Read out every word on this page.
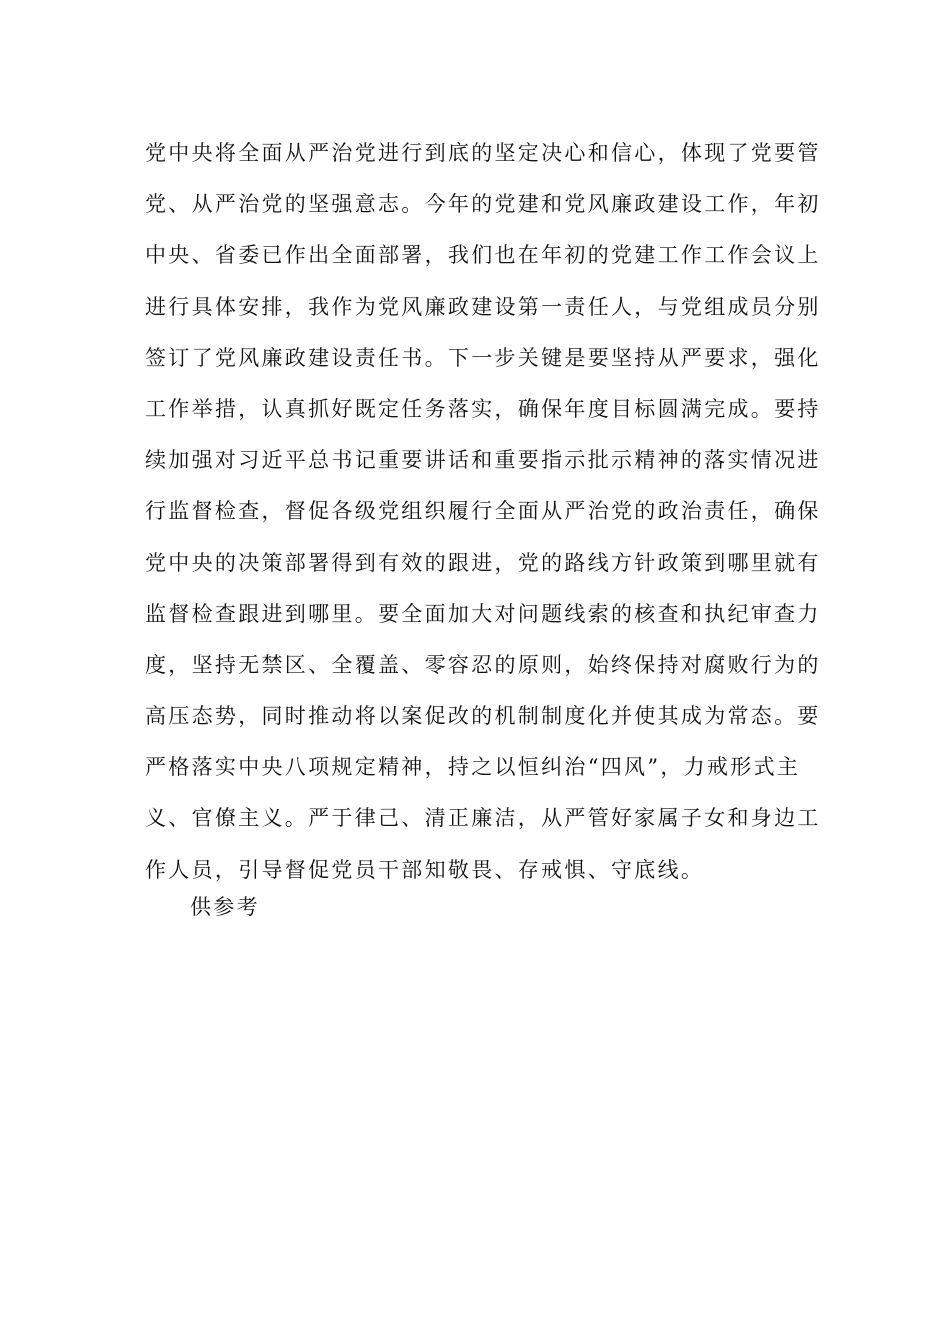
党中央将全面从严治党进行到底的坚定决心和信心，体现了党要管
党、从严治党的坚强意志。今年的党建和党风廉政建设工作，年初
中央、省委已作出全面部署，我们也在年初的党建工作工作会议上
进行具体安排，我作为党风廉政建设第一责任人，与党组成员分别
签订了党风廉政建设责任书。下一步关键是要坚持从严要求，强化
工作举措，认真抓好既定任务落实，确保年度目标圆满完成。要持
续加强对习近平总书记重要讲话和重要指示批示精神的落实情况进
行监督检查，督促各级党组织履行全面从严治党的政治责任，确保
党中央的决策部署得到有效的跟进，党的路线方针政策到哪里就有
监督检查跟进到哪里。要全面加大对问题线索的核查和执纪审查力
度，坚持无禁区、全覆盖、零容忍的原则，始终保持对腐败行为的
高压态势，同时推动将以案促改的机制制度化并使其成为常态。要
严格落实中央八项规定精神，持之以恒纠治“四风”，力戒形式主
义、官僚主义。严于律己、清正廉洁，从严管好家属子女和身边工
作人员，引导督促党员干部知敬畏、存戒惧、守底线。
供参考
